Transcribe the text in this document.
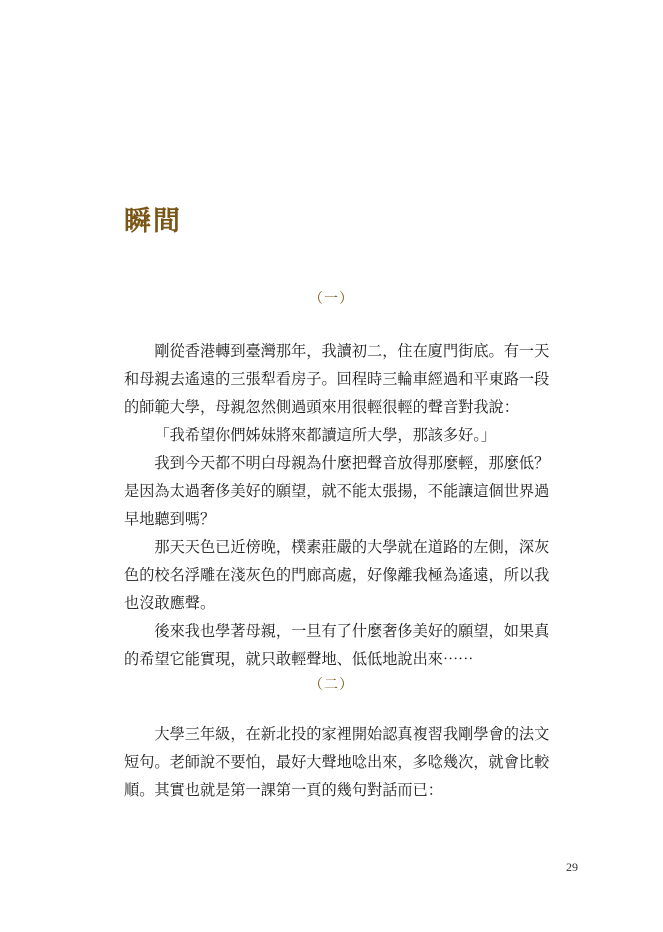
瞬間
（一）

剛從香港轉到臺灣那年，我讀初二，住在廈門街底。有一天
和母親去遙遠的三張犁看房子。回程時三輪車經過和平東路一段
的師範大學，母親忽然側過頭來用很輕很輕的聲音對我說：

「我希望你們姊妹將來都讀這所大學，那該多好。」

我到今天都不明白母親為什麼把聲音放得那麼輕，那麼低？
是因為太過奢侈美好的願望，就不能太張揚，不能讓這個世界過
早地聽到嗎？

那天天色已近傍晚，樸素莊嚴的大學就在道路的左側，深灰
色的校名浮雕在淺灰色的門廊高處，好像離我極為遙遠，所以我
也沒敢應聲。

後來我也學著母親，一旦有了什麼奢侈美好的願望，如果真
的希望它能實現，就只敢輕聲地、低低地說出來⋯⋯

（二）

大學三年級，在新北投的家裡開始認真複習我剛學會的法文
短句。老師說不要怕，最好大聲地唸出來，多唸幾次，就會比較
順。其實也就是第一課第一頁的幾句對話而已：

29
